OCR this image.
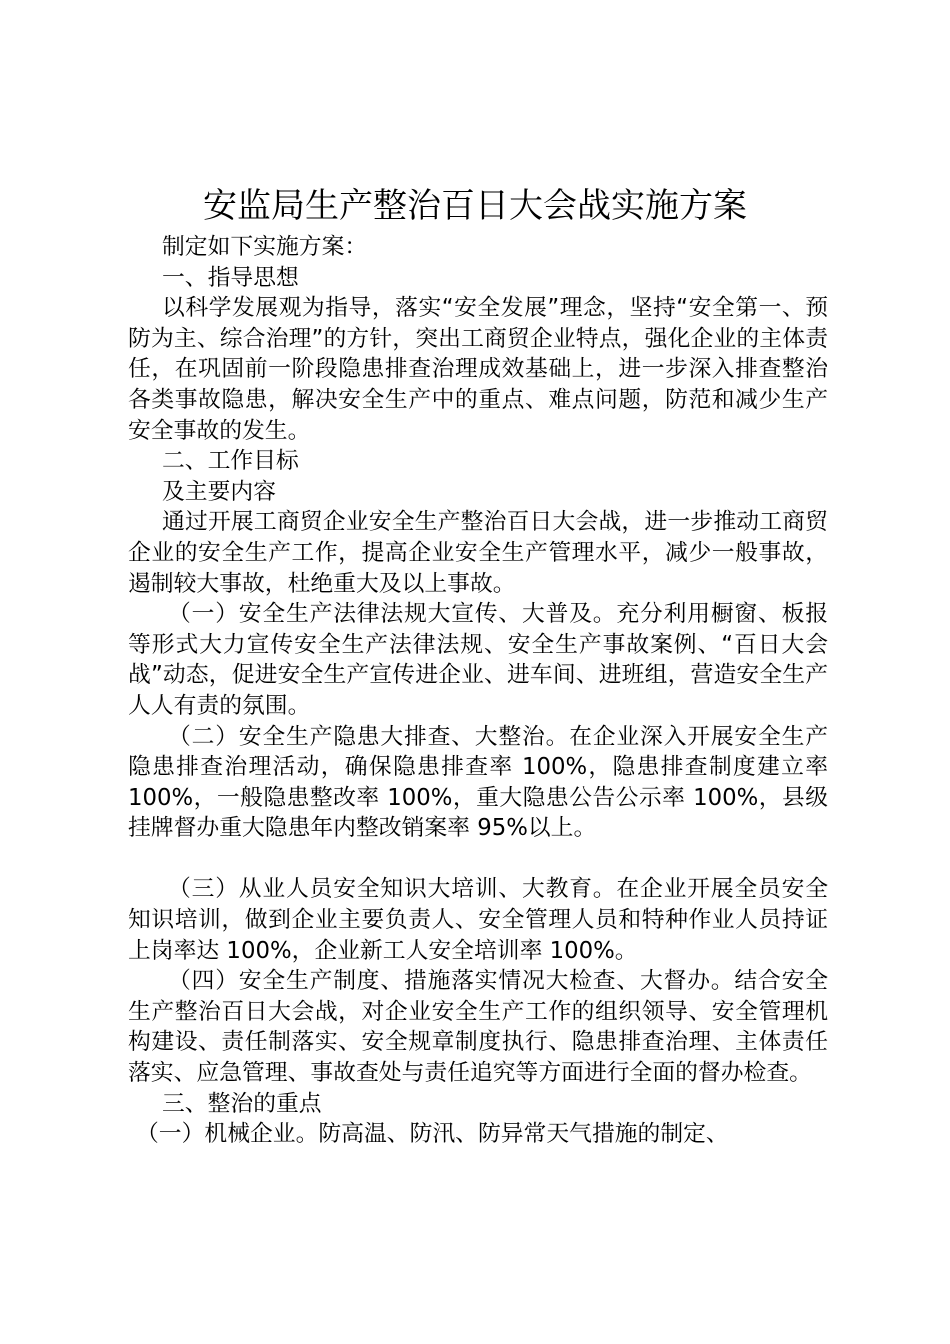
安监局生产整治百日大会战实施方案

制定如下实施方案：

一、指导思想

以科学发展观为指导，落实“安全发展”理念，坚持“安全第一、预防为主、综合治理”的方针，突出工商贸企业特点，强化企业的主体责任，在巩固前一阶段隐患排查治理成效基础上，进一步深入排查整治各类事故隐患，解决安全生产中的重点、难点问题，防范和减少生产安全事故的发生。

二、工作目标

及主要内容

通过开展工商贸企业安全生产整治百日大会战，进一步推动工商贸企业的安全生产工作，提高企业安全生产管理水平，减少一般事故，遏制较大事故，杜绝重大及以上事故。

（一）安全生产法律法规大宣传、大普及。充分利用橱窗、板报等形式大力宣传安全生产法律法规、安全生产事故案例、“百日大会战”动态，促进安全生产宣传进企业、进车间、进班组，营造安全生产人人有责的氛围。

（二）安全生产隐患大排查、大整治。在企业深入开展安全生产隐患排查治理活动，确保隐患排查率 100%，隐患排查制度建立率 100%，一般隐患整改率 100%，重大隐患公告公示率 100%，县级挂牌督办重大隐患年内整改销案率 95%以上。

（三）从业人员安全知识大培训、大教育。在企业开展全员安全知识培训，做到企业主要负责人、安全管理人员和特种作业人员持证上岗率达 100%，企业新工人安全培训率 100%。

（四）安全生产制度、措施落实情况大检查、大督办。结合安全生产整治百日大会战，对企业安全生产工作的组织领导、安全管理机构建设、责任制落实、安全规章制度执行、隐患排查治理、主体责任落实、应急管理、事故查处与责任追究等方面进行全面的督办检查。

三、整治的重点

（一）机械企业。防高温、防汛、防异常天气措施的制定、
